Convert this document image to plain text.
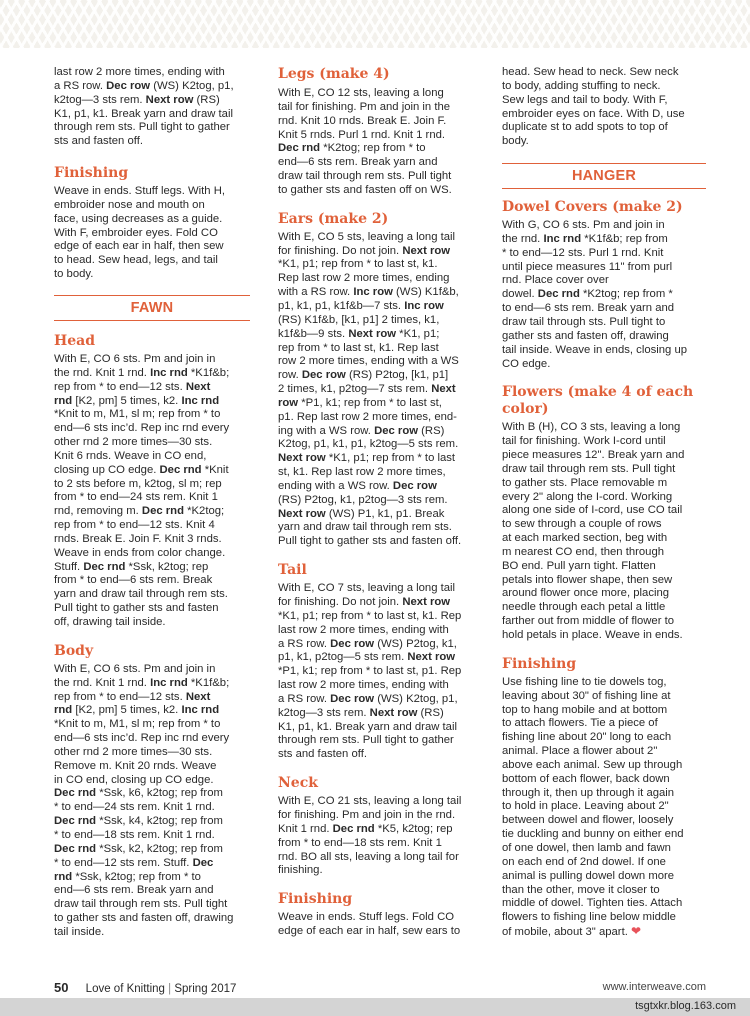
last row 2 more times, ending with
a RS row. Dec row (WS) K2tog, p1,
k2tog—3 sts rem. Next row (RS)
K1, p1, k1. Break yarn and draw tail
through rem sts. Pull tight to gather
sts and fasten off.

Finishing

Weave in ends. Stuff legs. With H,
embroider nose and mouth on
face, using decreases as a guide.
With F, embroider eyes. Fold CO
edge of each ear in half, then sew
to head. Sew head, legs, and tail
to body.

FAWN
Head

With E, CO 6 sts. Pm and join in
the rnd. Knit 1 rnd. Inc rnd *K1f&b;
rep from * to end—12 sts. Next
rnd [K2, pm] 5 times, k2. Inc rnd
*Knit to m, M1, sl m; rep from * to
end—6 sts inc’d. Rep inc rnd every
other rnd 2 more times—30 sts.
Knit 6 rnds. Weave in CO end,
closing up CO edge. Dec rnd *Knit
to 2 sts before m, k2tog, sl m; rep
from * to end—24 sts rem. Knit 1
rnd, removing m. Dec rnd *K2tog;
rep from * to end—12 sts. Knit 4
rnds. Break E. Join F. Knit 3 rnds.
Weave in ends from color change.
Stuff. Dec rnd *Ssk, k2tog; rep
from * to end—6 sts rem. Break
yarn and draw tail through rem sts.
Pull tight to gather sts and fasten
off, drawing tail inside.

Body

With E, CO 6 sts. Pm and join in
the rnd. Knit 1 rnd. Inc rnd *K1f&b;
rep from * to end—12 sts. Next
rnd [K2, pm] 5 times, k2. Inc rnd
*Knit to m, M1, sl m; rep from * to
end—6 sts inc’d. Rep inc rnd every
other rnd 2 more times—30 sts.
Remove m. Knit 20 rnds. Weave
in CO end, closing up CO edge.
Dec rnd *Ssk, k6, k2tog; rep from
* to end—24 sts rem. Knit 1 rnd.
Dec rnd *Ssk, k4, k2tog; rep from
* to end—18 sts rem. Knit 1 rnd.
Dec rnd *Ssk, k2, k2tog; rep from
* to end—12 sts rem. Stuff. Dec
rnd *Ssk, k2tog; rep from * to
end—6 sts rem. Break yarn and
draw tail through rem sts. Pull tight
to gather sts and fasten off, drawing
tail inside.

Legs (make 4)

With E, CO 12 sts, leaving a long
tail for finishing. Pm and join in the
rnd. Knit 10 rnds. Break E. Join F.
Knit 5 rnds. Purl 1 rnd. Knit 1 rnd.
Dec rnd *K2tog; rep from * to
end—6 sts rem. Break yarn and
draw tail through rem sts. Pull tight
to gather sts and fasten off on WS.

Ears (make 2)

With E, CO 5 sts, leaving a long tail
for finishing. Do not join. Next row
*K1, p1; rep from * to last st, k1.
Rep last row 2 more times, ending
with a RS row. Inc row (WS) K1f&b,
p1, k1, p1, k1f&b—7 sts. Inc row
(RS) K1f&b, [k1, p1] 2 times, k1,
k1f&b—9 sts. Next row *K1, p1;
rep from * to last st, k1. Rep last
row 2 more times, ending with a WS
row. Dec row (RS) P2tog, [k1, p1]
2 times, k1, p2tog—7 sts rem. Next
row *P1, k1; rep from * to last st,
p1. Rep last row 2 more times, end-
ing with a WS row. Dec row (RS)
K2tog, p1, k1, p1, k2tog—5 sts rem.
Next row *K1, p1; rep from * to last
st, k1. Rep last row 2 more times,
ending with a WS row. Dec row
(RS) P2tog, k1, p2tog—3 sts rem.
Next row (WS) P1, k1, p1. Break
yarn and draw tail through rem sts.
Pull tight to gather sts and fasten off.

Tail

With E, CO 7 sts, leaving a long tail
for finishing. Do not join. Next row
*K1, p1; rep from * to last st, k1. Rep
last row 2 more times, ending with
a RS row. Dec row (WS) P2tog, k1,
p1, k1, p2tog—5 sts rem. Next row
*P1, k1; rep from * to last st, p1. Rep
last row 2 more times, ending with
a RS row. Dec row (WS) K2tog, p1,
k2tog—3 sts rem. Next row (RS)
K1, p1, k1. Break yarn and draw tail
through rem sts. Pull tight to gather
sts and fasten off.

Neck

With E, CO 21 sts, leaving a long tail
for finishing. Pm and join in the rnd.
Knit 1 rnd. Dec rnd *K5, k2tog; rep
from * to end—18 sts rem. Knit 1
rnd. BO all sts, leaving a long tail for
finishing.

Finishing

Weave in ends. Stuff legs. Fold CO
edge of each ear in half, sew ears to

head. Sew head to neck. Sew neck
to body, adding stuffing to neck.
Sew legs and tail to body. With F,
embroider eyes on face. With D, use
duplicate st to add spots to top of
body.

HANGER
Dowel Covers (make 2)

With G, CO 6 sts. Pm and join in
the rnd. Inc rnd *K1f&b; rep from
* to end—12 sts. Purl 1 rnd. Knit
until piece measures 11" from purl
rnd. Place cover over
dowel. Dec rnd *K2tog; rep from *
to end—6 sts rem. Break yarn and
draw tail through sts. Pull tight to
gather sts and fasten off, drawing
tail inside. Weave in ends, closing up
CO edge.

Flowers (make 4 of each
color)

With B (H), CO 3 sts, leaving a long
tail for finishing. Work I-cord until
piece measures 12". Break yarn and
draw tail through rem sts. Pull tight
to gather sts. Place removable m
every 2" along the I-cord. Working
along one side of I-cord, use CO tail
to sew through a couple of rows
at each marked section, beg with
m nearest CO end, then through
BO end. Pull yarn tight. Flatten
petals into flower shape, then sew
around flower once more, placing
needle through each petal a little
farther out from middle of flower to
hold petals in place. Weave in ends.

Finishing

Use fishing line to tie dowels tog,
leaving about 30" of fishing line at
top to hang mobile and at bottom
to attach flowers. Tie a piece of
fishing line about 20" long to each
animal. Place a flower about 2"
above each animal. Sew up through
bottom of each flower, back down
through it, then up through it again
to hold in place. Leaving about 2"
between dowel and flower, loosely
tie duckling and bunny on either end
of one dowel, then lamb and fawn
on each end of 2nd dowel. If one
animal is pulling dowel down more
than the other, move it closer to
middle of dowel. Tighten ties. Attach
flowers to fishing line below middle
of mobile, about 3" apart. ❤

50 Love of Knitting | Spring 2017	www.interweave.com
tsgtxkr.blog.163.com
